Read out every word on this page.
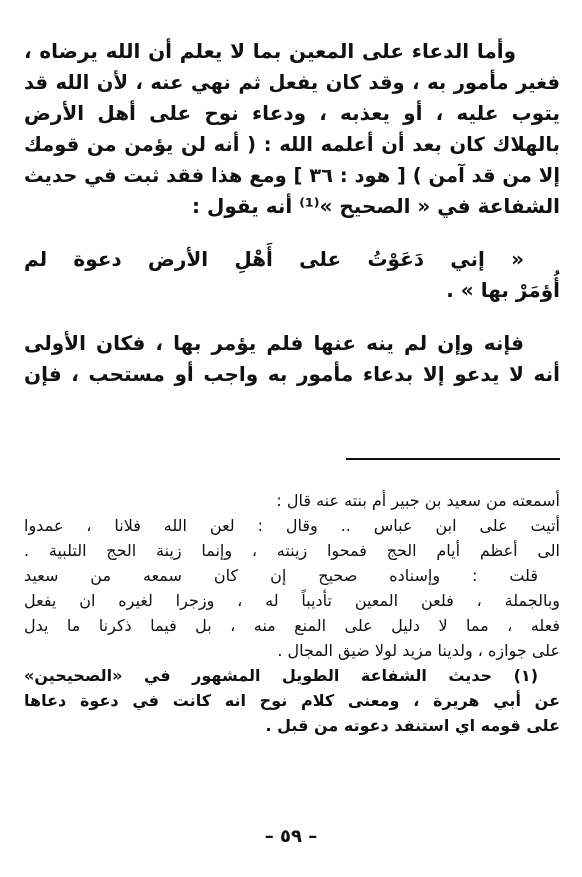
وأما الدعاء على المعين بما لا يعلم أن الله يرضاه ،
فغير مأمور به ، وقد كان يفعل ثم نهي عنه ، لأن الله قد
يتوب عليه ، أو يعذبه ، ودعاء نوح على أهل الأرض
بالهلاك كان بعد أن أعلمه الله : ( أنه لن يؤمن من قومك
إلا من قد آمن ) [ هود : ٣٦ ] ومع هذا فقد ثبت في حديث
الشفاعة في « الصحيح »⁽¹⁾ أنه يقول :
« إني دَعَوْتُ على أَهْلِ الأرض دعوة لم
أُؤمَرْ بها » .
فإنه وإن لم ينه عنها فلم يؤمر بها ، فكان الأولى
أنه لا يدعو إلا بدعاء مأمور به واجب أو مستحب ، فإن
أسمعته من سعيد بن جبير أم بنته عنه قال :
أتيت على ابن عباس .. وقال : لعن الله فلانا ، عمدوا
الى أعظم أيام الحج فمحوا زينته ، وإنما زينة الحج التلبية .
قلت : وإسناده صحيح إن كان سمعه من سعيد
وبالجملة ، فلعن المعين تأديباً له ، وزجرا لغيره ان يفعل
فعله ، مما لا دليل على المنع منه ، بل فيما ذكرنا ما يدل
على جوازه ، ولدينا مزيد لولا ضيق المجال .
(١) حديث الشفاعة الطويل المشهور في «الصحيحين»
عن أبي هريرة ، ومعنى كلام نوح انه كانت في دعوة دعاها
على قومه اي استنفد دعوته من قبل .
– ٥٩ –
